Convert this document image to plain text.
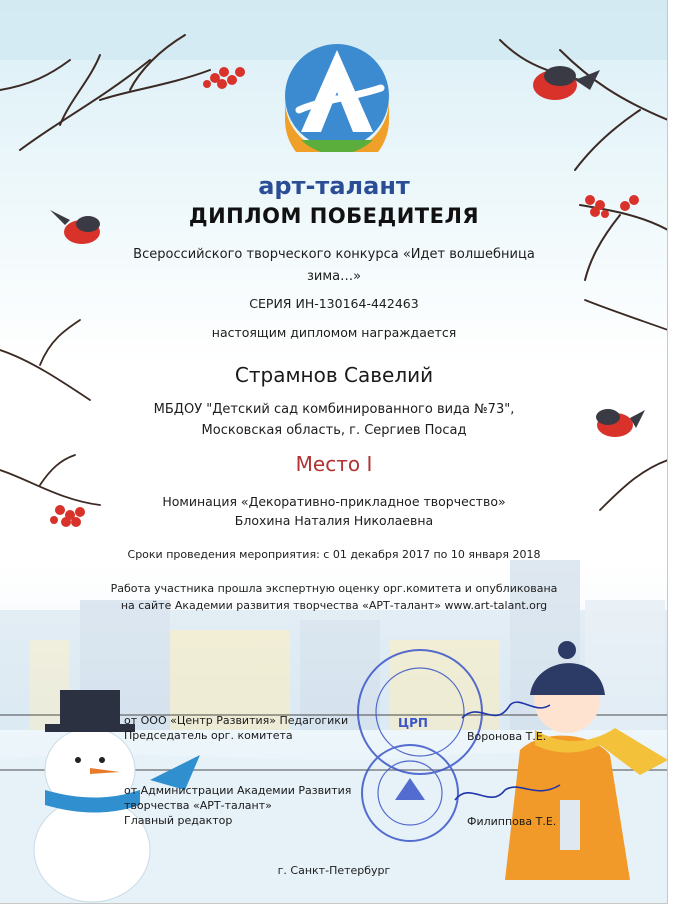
арт-талант
ДИПЛОМ ПОБЕДИТЕЛЯ
Всероссийского творческого конкурса «Идет волшебница зима…»
СЕРИЯ ИН-130164-442463
настоящим дипломом награждается
Страмнов Савелий
МБДОУ "Детский сад комбинированного вида №73",
Московская область, г. Сергиев Посад
Место I
Номинация «Декоративно-прикладное творчество»
Блохина Наталия Николаевна
Сроки проведения мероприятия: с 01 декабря 2017 по 10 января 2018
Работа участника прошла экспертную оценку орг.комитета и опубликована
на сайте Академии развития творчества «АРТ-талант» www.art-talant.org
ЦРП
от ООО «Центр Развития» Педагогики
Председатель орг. комитета	Воронова Т.Е.
от Администрации Академии Развития
творчества «АРТ-талант»
Главный редактор	Филиппова Т.Е.
г. Санкт-Петербург
